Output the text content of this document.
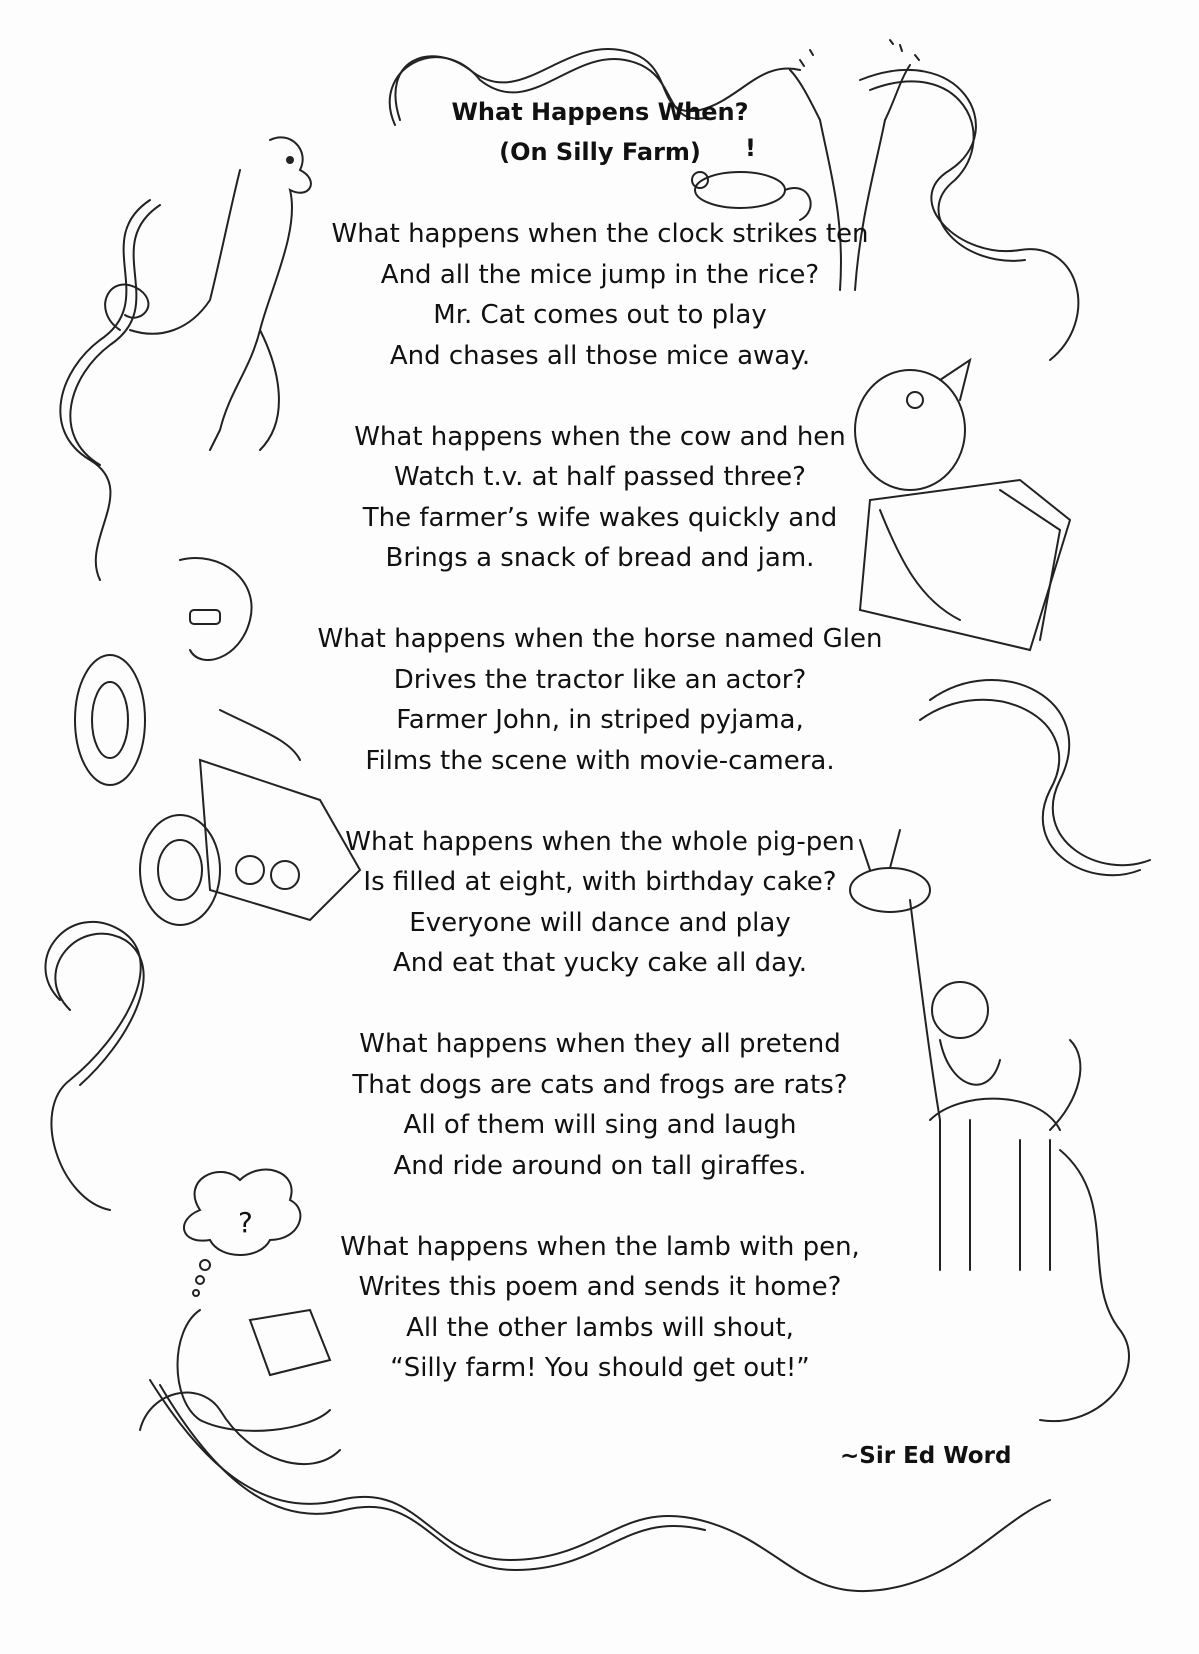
What Happens When?
(On Silly Farm)	!
What happens when the clock strikes ten
And all the mice jump in the rice?
Mr. Cat comes out to play
And chases all those mice away.
What happens when the cow and hen
Watch t.v. at half passed three?
The farmer’s wife wakes quickly and
Brings a snack of bread and jam.
What happens when the horse named Glen
Drives the tractor like an actor?
Farmer John, in striped pyjama,
Films the scene with movie-camera.
What happens when the whole pig-pen
Is filled at eight, with birthday cake?
Everyone will dance and play
And eat that yucky cake all day.
What happens when they all pretend
That dogs are cats and frogs are rats?
All of them will sing and laugh
And ride around on tall giraffes.
What happens when the lamb with pen,
Writes this poem and sends it home?
All the other lambs will shout,
“Silly farm! You should get out!”
?
~Sir Ed Word
